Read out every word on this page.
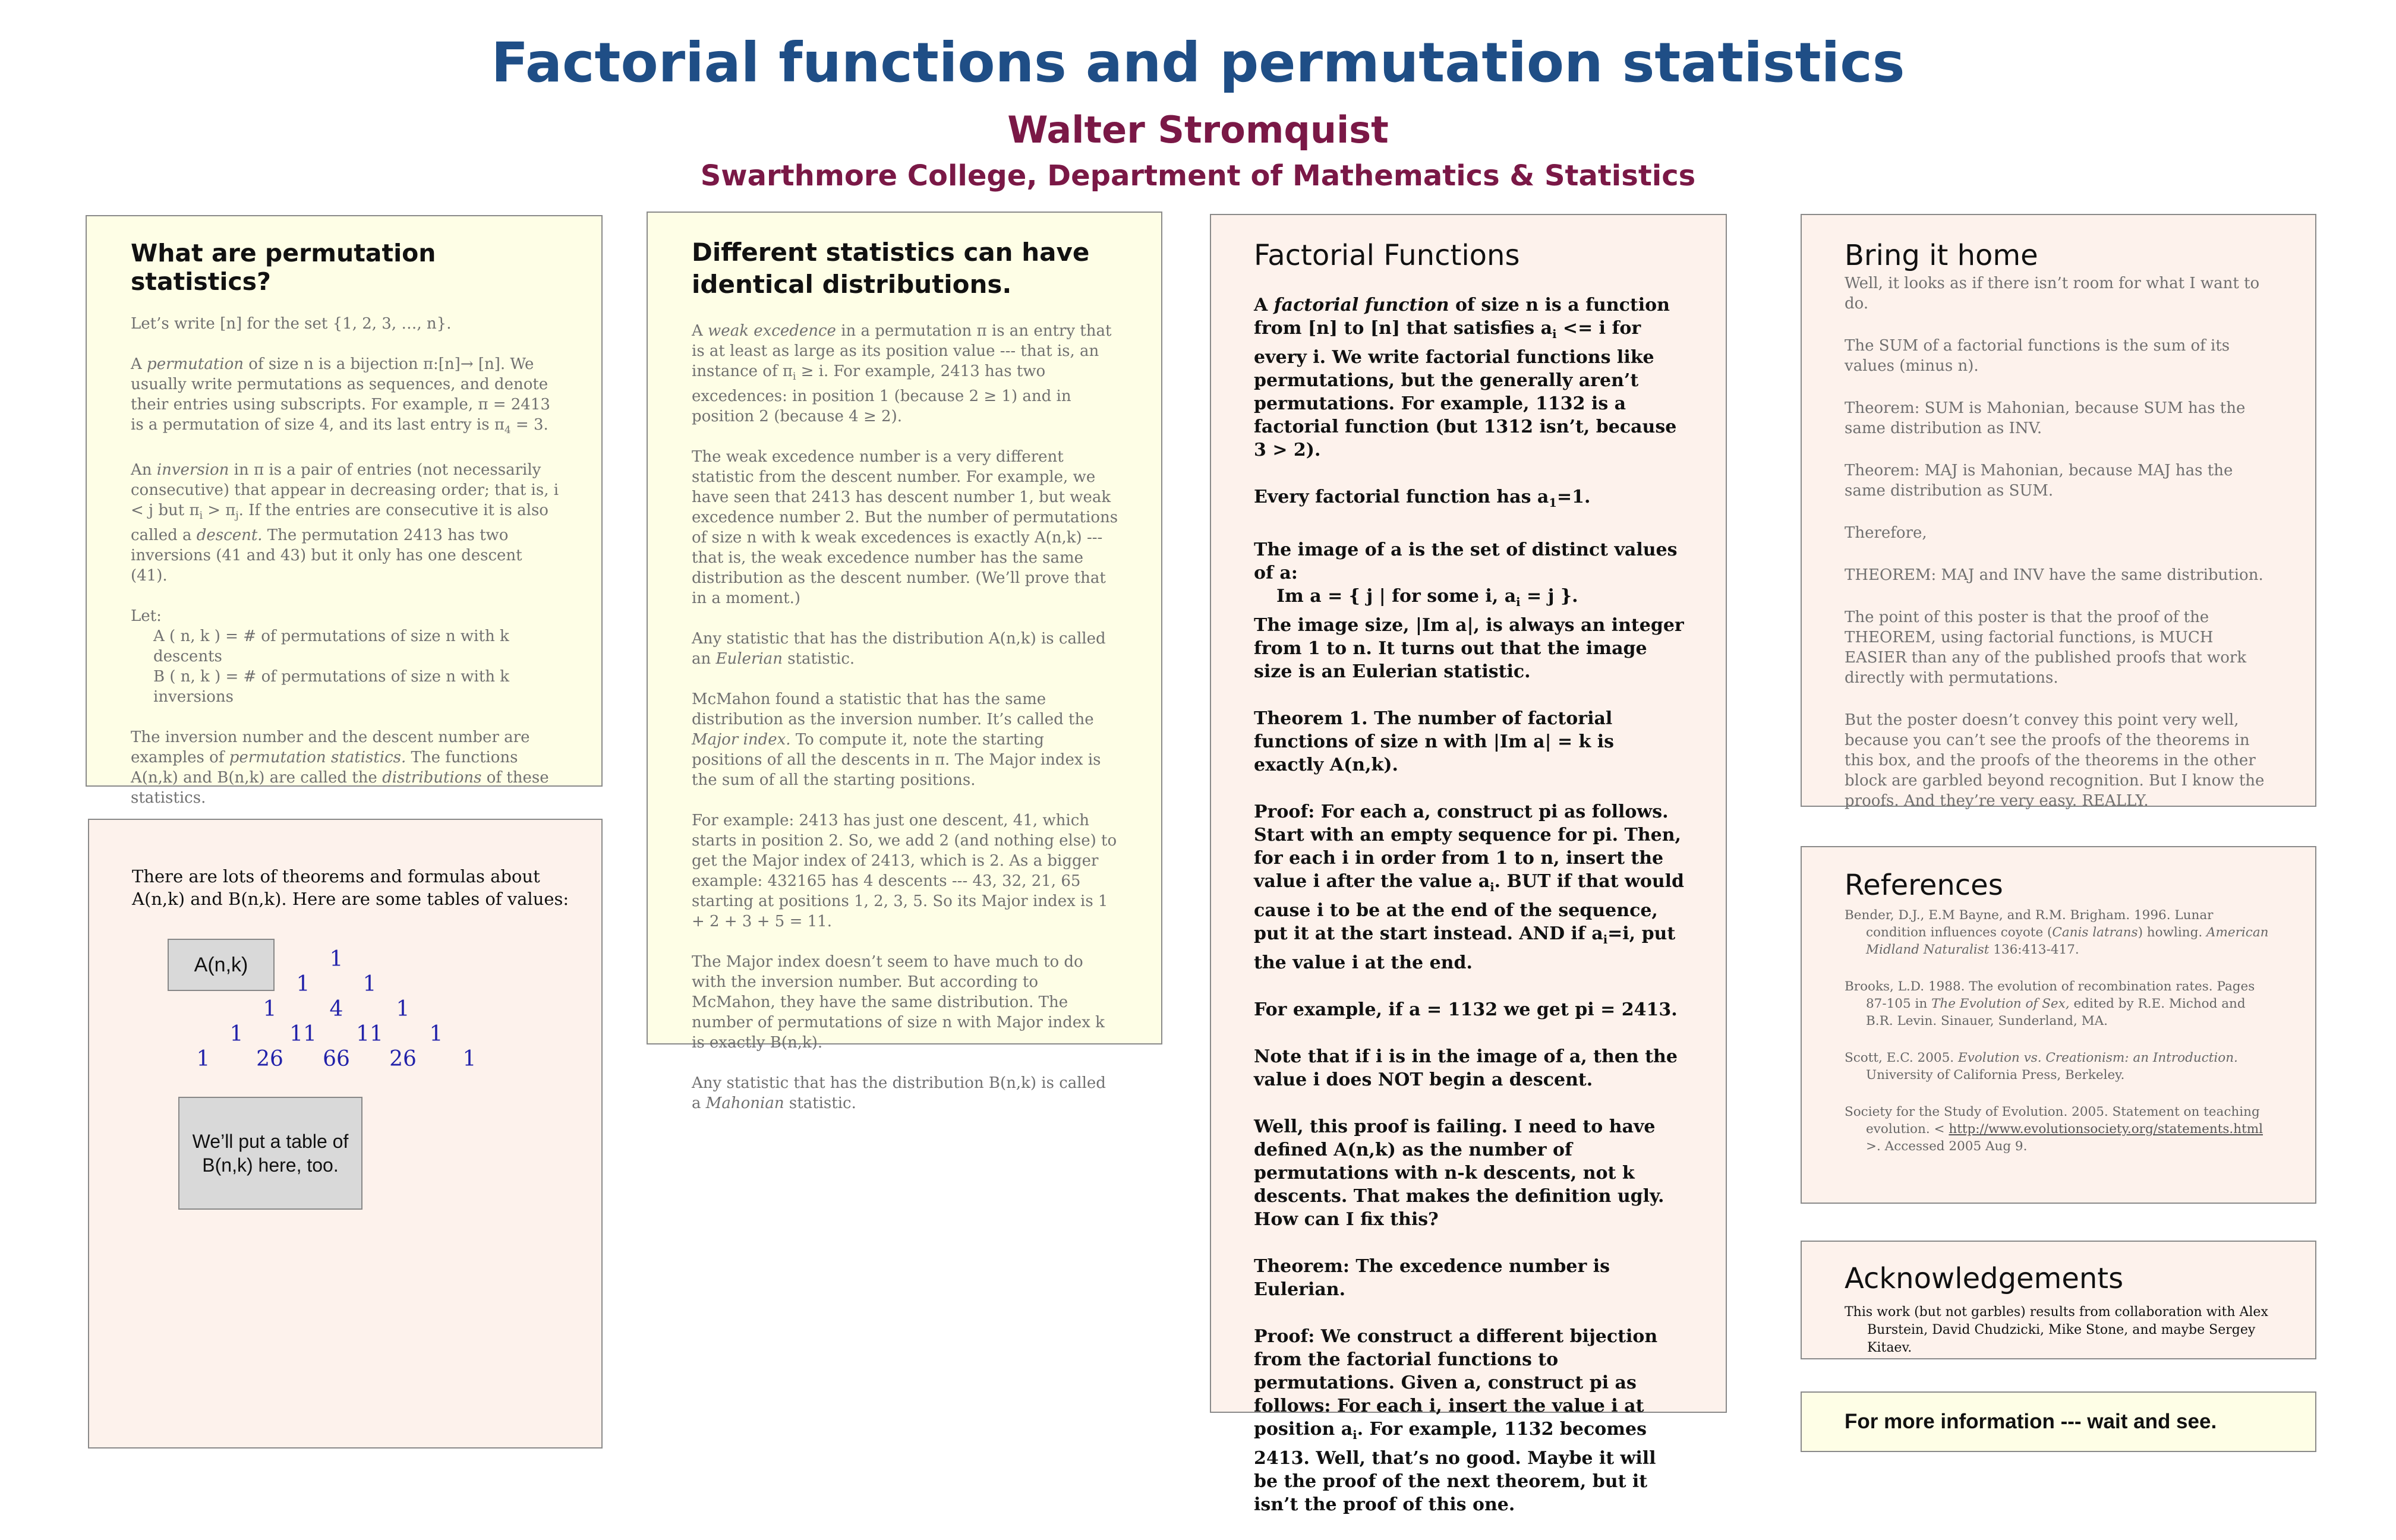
Factorial functions and permutation statistics
Walter Stromquist
Swarthmore College, Department of Mathematics & Statistics
What are permutation statistics?
Let’s write [n] for the set {1, 2, 3, …, n}.
A permutation of size n is a bijection π:[n]→ [n]. We usually write permutations as sequences, and denote their entries using subscripts. For example, π = 2413 is a permutation of size 4, and its last entry is $\pi_4 = 3$.
An inversion in π is a pair of entries (not necessarily consecutive) that appear in decreasing order; that is, i < j but $\pi_i > \pi_j$. If the entries are consecutive it is also called a descent. The permutation 2413 has two inversions (41 and 43) but it only has one descent (41).

Let:

A ( n, k ) = # of permutations of size n with k descents

B ( n, k ) = # of permutations of size n with k inversions

The inversion number and the descent number are examples of permutation statistics. The functions A(n,k) and B(n,k) are called the distributions of these statistics.
There are lots of theorems and formulas about A(n,k) and B(n,k). Here are some tables of values:
A(n,k)
We’ll put a table of B(n,k) here, too.
1
1 1
1 4 1
1 11 11 1
1 26 66 26 1
Different statistics can have identical distributions.
A weak excedence in a permutation π is an entry that is at least as large as its position value --- that is, an instance of $\pi_i \ge i$. For example, 2413 has two excedences: in position 1 (because 2 ≥ 1) and in position 2 (because 4 ≥ 2).
The weak excedence number is a very different statistic from the descent number. For example, we have seen that 2413 has descent number 1, but weak excedence number 2. But the number of permutations of size n with k weak excedences is exactly A(n,k) --- that is, the weak excedence number has the same distribution as the descent number. (We’ll prove that in a moment.)
Any statistic that has the distribution A(n,k) is called an Eulerian statistic.
McMahon found a statistic that has the same distribution as the inversion number. It’s called the Major index. To compute it, note the starting positions of all the descents in π. The Major index is the sum of all the starting positions.
For example: 2413 has just one descent, 41, which starts in position 2. So, we add 2 (and nothing else) to get the Major index of 2413, which is 2. As a bigger example: 432165 has 4 descents --- 43, 32, 21, 65 starting at positions 1, 2, 3, 5. So its Major index is 1 + 2 + 3 + 5 = 11.
The Major index doesn’t seem to have much to do with the inversion number. But according to McMahon, they have the same distribution. The number of permutations of size n with Major index k is exactly B(n,k).
Any statistic that has the distribution B(n,k) is called a Mahonian statistic.
Factorial Functions

A factorial function of size n is a function from [n] to [n] that satisfies $a_i <= i$ for every i. We write factorial functions like permutations, but the generally aren’t permutations. For example, 1132 is a factorial function (but 1312 isn’t, because 3 > 2).

Every factorial function has $a_1=1$.

The image of a is the set of distinct values of a:
Im a = { j | for some i, $a_i = j$ }.
The image size, |Im a|, is always an integer from 1 to n. It turns out that the image size is an Eulerian statistic.

Theorem 1. The number of factorial functions of size n with |Im a| = k is exactly A(n,k).

Proof: For each a, construct pi as follows. Start with an empty sequence for pi. Then, for each i in order from 1 to n, insert the value i after the value $a_i$. BUT if that would cause i to be at the end of the sequence, put it at the start instead. AND if $a_i=i$, put the value i at the end.

For example, if a = 1132 we get pi = 2413.

Note that if i is in the image of a, then the value i does NOT begin a descent.

Well, this proof is failing. I need to have defined A(n,k) as the number of permutations with n-k descents, not k descents. That makes the definition ugly. How can I fix this?

Theorem: The excedence number is Eulerian.

Proof: We construct a different bijection from the factorial functions to permutations. Given a, construct pi as follows: For each i, insert the value i at position $a_i$. For example, 1132 becomes 2413. Well, that’s no good. Maybe it will be the proof of the next theorem, but it isn’t the proof of this one.

Bring it home
Well, it looks as if there isn’t room for what I want to do.
The SUM of a factorial functions is the sum of its values (minus n).
Theorem: SUM is Mahonian, because SUM has the same distribution as INV.
Theorem: MAJ is Mahonian, because MAJ has the same distribution as SUM.
Therefore,
THEOREM: MAJ and INV have the same distribution.
The point of this poster is that the proof of the THEOREM, using factorial functions, is MUCH EASIER than any of the published proofs that work directly with permutations.
But the poster doesn’t convey this point very well, because you can’t see the proofs of the theorems in this box, and the proofs of the theorems in the other block are garbled beyond recognition. But I know the proofs. And they’re very easy. REALLY.
References

Bender, D.J., E.M Bayne, and R.M. Brigham. 1996. Lunar condition influences coyote (Canis latrans) howling. American Midland Naturalist 136:413-417.

Brooks, L.D. 1988. The evolution of recombination rates. Pages 87-105 in The Evolution of Sex, edited by R.E. Michod and B.R. Levin. Sinauer, Sunderland, MA.

Scott, E.C. 2005. Evolution vs. Creationism: an Introduction. University of California Press, Berkeley.

Society for the Study of Evolution. 2005. Statement on teaching evolution. < http://www.evolutionsociety.org/statements.html >. Accessed 2005 Aug 9.

Acknowledgements
This work (but not garbles) results from collaboration with Alex Burstein, David Chudzicki, Mike Stone, and maybe Sergey Kitaev.
For more information --- wait and see.
